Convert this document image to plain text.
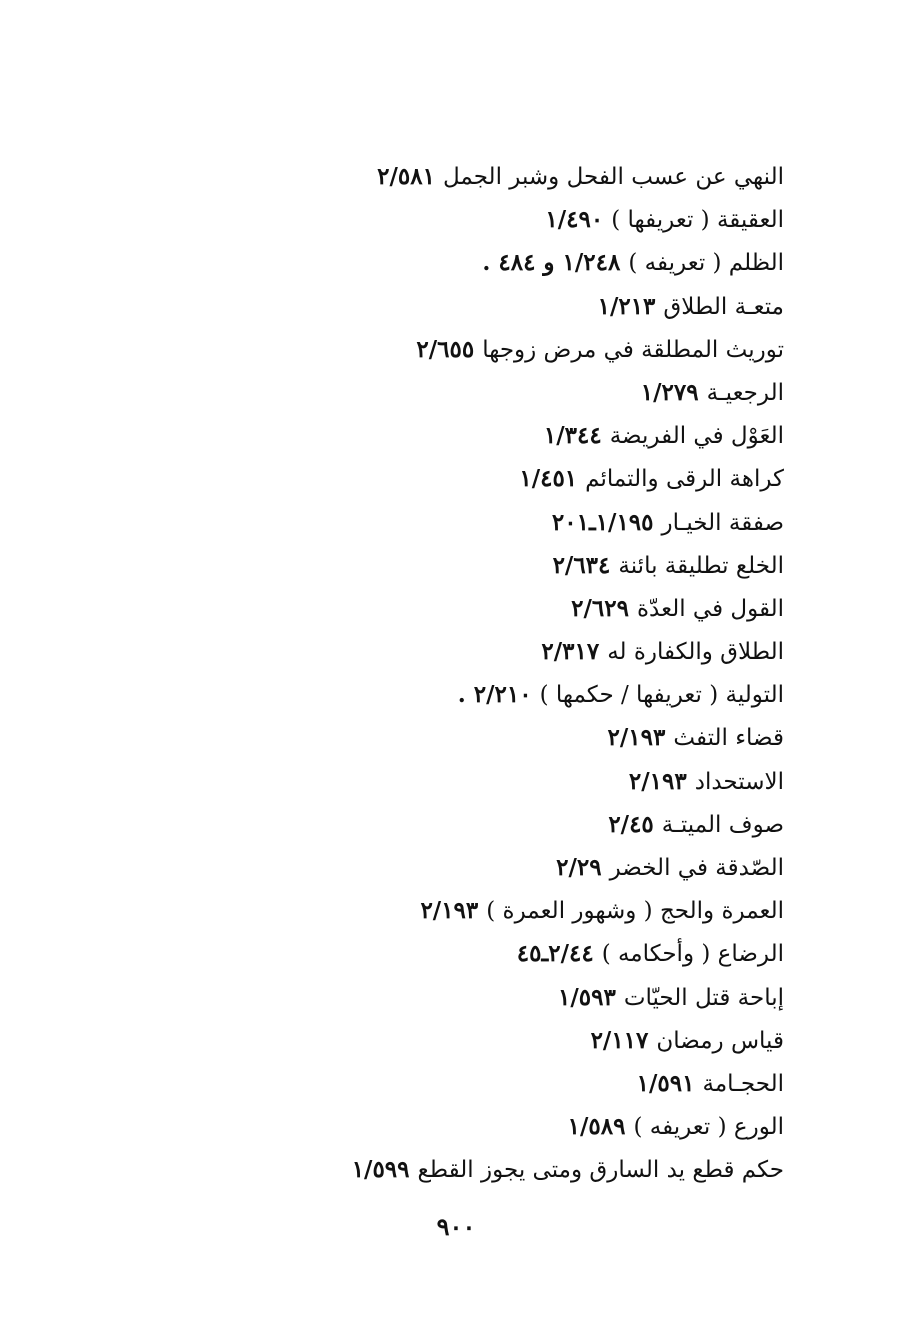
النهي عن عسب الفحل وشبر الجمل٢/٥٨١
العقيقة ( تعريفها )١/٤٩٠
الظلم ( تعريفه )١/٢٤٨ و ٤٨٤ .
متعـة الطلاق١/٢١٣
توريث المطلقة في مرض زوجها٢/٦٥٥
الرجعيـة١/٢٧٩
العَوْل في الفريضة١/٣٤٤
كراهة الرقى والتمائم١/٤٥١
صفقة الخيـار١/١٩٥ـ٢٠١
الخلع تطليقة بائنة٢/٦٣٤
القول في العدّة٢/٦٢٩
الطلاق والكفارة له٢/٣١٧
التولية ( تعريفها / حكمها )٢/٢١٠ .
قضاء التفث٢/١٩٣
الاستحداد٢/١٩٣
صوف الميتـة٢/٤٥
الصّدقة في الخضر٢/٢٩
العمرة والحج ( وشهور العمرة )٢/١٩٣
الرضاع ( وأحكامه )٢/٤٤ـ٤٥
إباحة قتل الحيّات١/٥٩٣
قياس رمضان٢/١١٧
الحجـامة١/٥٩١
الورع ( تعريفه )١/٥٨٩
حكم قطع يد السارق ومتى يجوز القطع١/٥٩٩
٩٠٠
